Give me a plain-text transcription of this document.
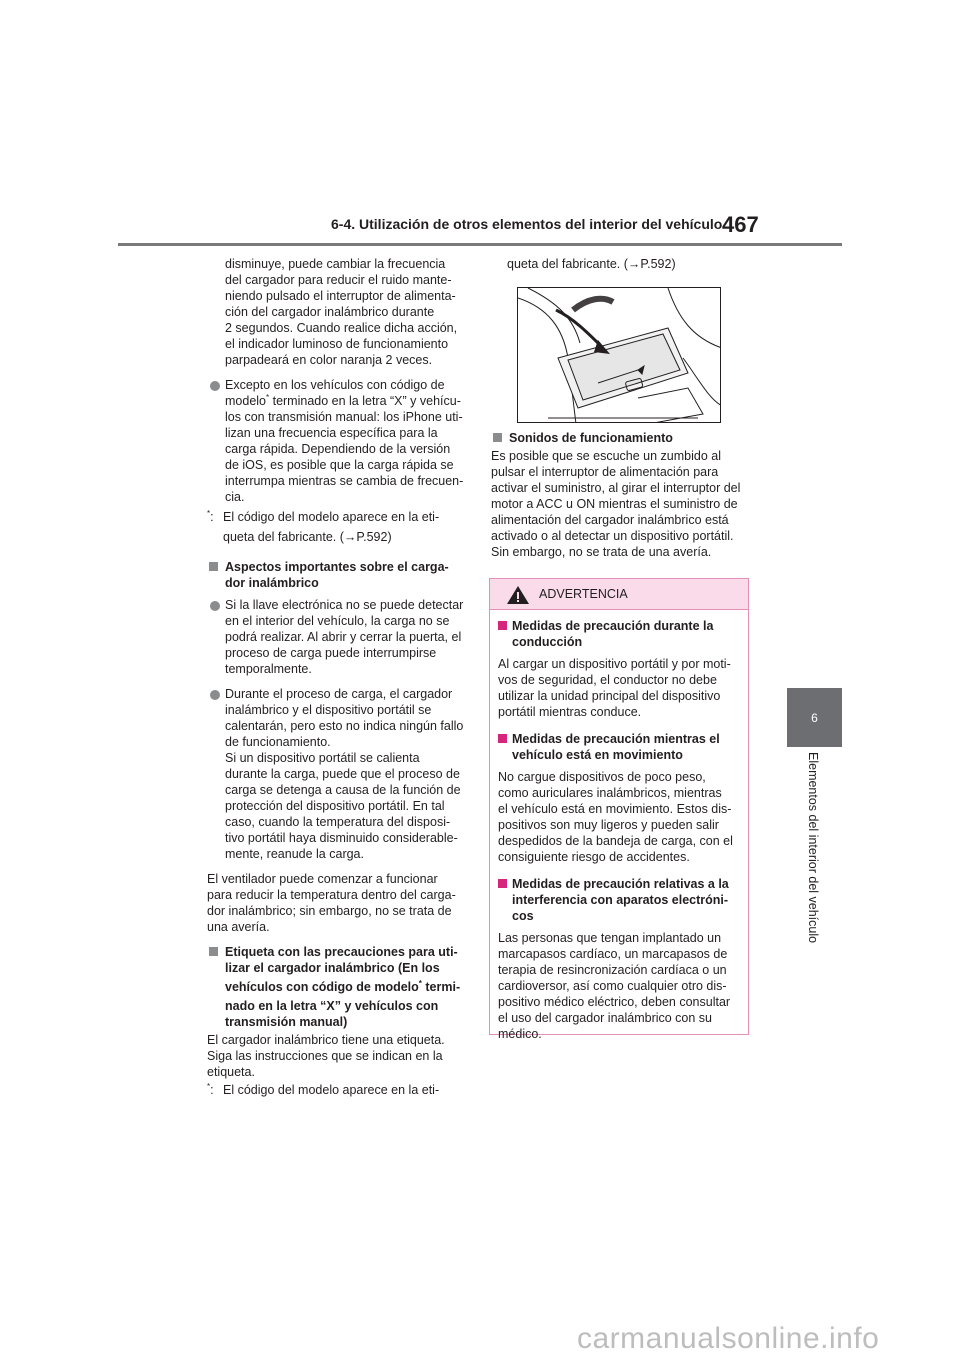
6-4. Utilización de otros elementos del interior del vehículo 467
6
Elementos del interior del vehículo

disminuye, puede cambiar la frecuencia
del cargador para reducir el ruido mante-
niendo pulsado el interruptor de alimenta-
ción del cargador inalámbrico durante
2 segundos. Cuando realice dicha acción,
el indicador luminoso de funcionamiento
parpadeará en color naranja 2 veces.

Excepto en los vehículos con código de
modelo* terminado en la letra “X” y vehícu-
los con transmisión manual: los iPhone uti-
lizan una frecuencia específica para la
carga rápida. Dependiendo de la versión
de iOS, es posible que la carga rápida se
interrumpa mientras se cambia de frecuen-
cia.

*: El código del modelo aparece en la eti-
queta del fabricante. (→P.592)

Aspectos importantes sobre el carga-
dor inalámbrico

Si la llave electrónica no se puede detectar
en el interior del vehículo, la carga no se
podrá realizar. Al abrir y cerrar la puerta, el
proceso de carga puede interrumpirse
temporalmente.

Durante el proceso de carga, el cargador
inalámbrico y el dispositivo portátil se
calentarán, pero esto no indica ningún fallo
de funcionamiento.
Si un dispositivo portátil se calienta
durante la carga, puede que el proceso de
carga se detenga a causa de la función de
protección del dispositivo portátil. En tal
caso, cuando la temperatura del disposi-
tivo portátil haya disminuido considerable-
mente, reanude la carga.

El ventilador puede comenzar a funcionar
para reducir la temperatura dentro del carga-
dor inalámbrico; sin embargo, no se trata de
una avería.

Etiqueta con las precauciones para uti-
lizar el cargador inalámbrico (En los
vehículos con código de modelo* termi-
nado en la letra “X” y vehículos con
transmisión manual)

El cargador inalámbrico tiene una etiqueta.
Siga las instrucciones que se indican en la
etiqueta.

*: El código del modelo aparece en la eti-

queta del fabricante. (→P.592)

Sonidos de funcionamiento

Es posible que se escuche un zumbido al
pulsar el interruptor de alimentación para
activar el suministro, al girar el interruptor del
motor a ACC u ON mientras el suministro de
alimentación del cargador inalámbrico está
activado o al detectar un dispositivo portátil.
Sin embargo, no se trata de una avería.

ADVERTENCIA

Medidas de precaución durante la
conducción

Al cargar un dispositivo portátil y por moti-
vos de seguridad, el conductor no debe
utilizar la unidad principal del dispositivo
portátil mientras conduce.

Medidas de precaución mientras el
vehículo está en movimiento

No cargue dispositivos de poco peso,
como auriculares inalámbricos, mientras
el vehículo está en movimiento. Estos dis-
positivos son muy ligeros y pueden salir
despedidos de la bandeja de carga, con el
consiguiente riesgo de accidentes.

Medidas de precaución relativas a la
interferencia con aparatos electróni-
cos

Las personas que tengan implantado un
marcapasos cardíaco, un marcapasos de
terapia de resincronización cardíaca o un
cardioversor, así como cualquier otro dis-
positivo médico eléctrico, deben consultar
el uso del cargador inalámbrico con su
médico.

carmanualsonline.info
